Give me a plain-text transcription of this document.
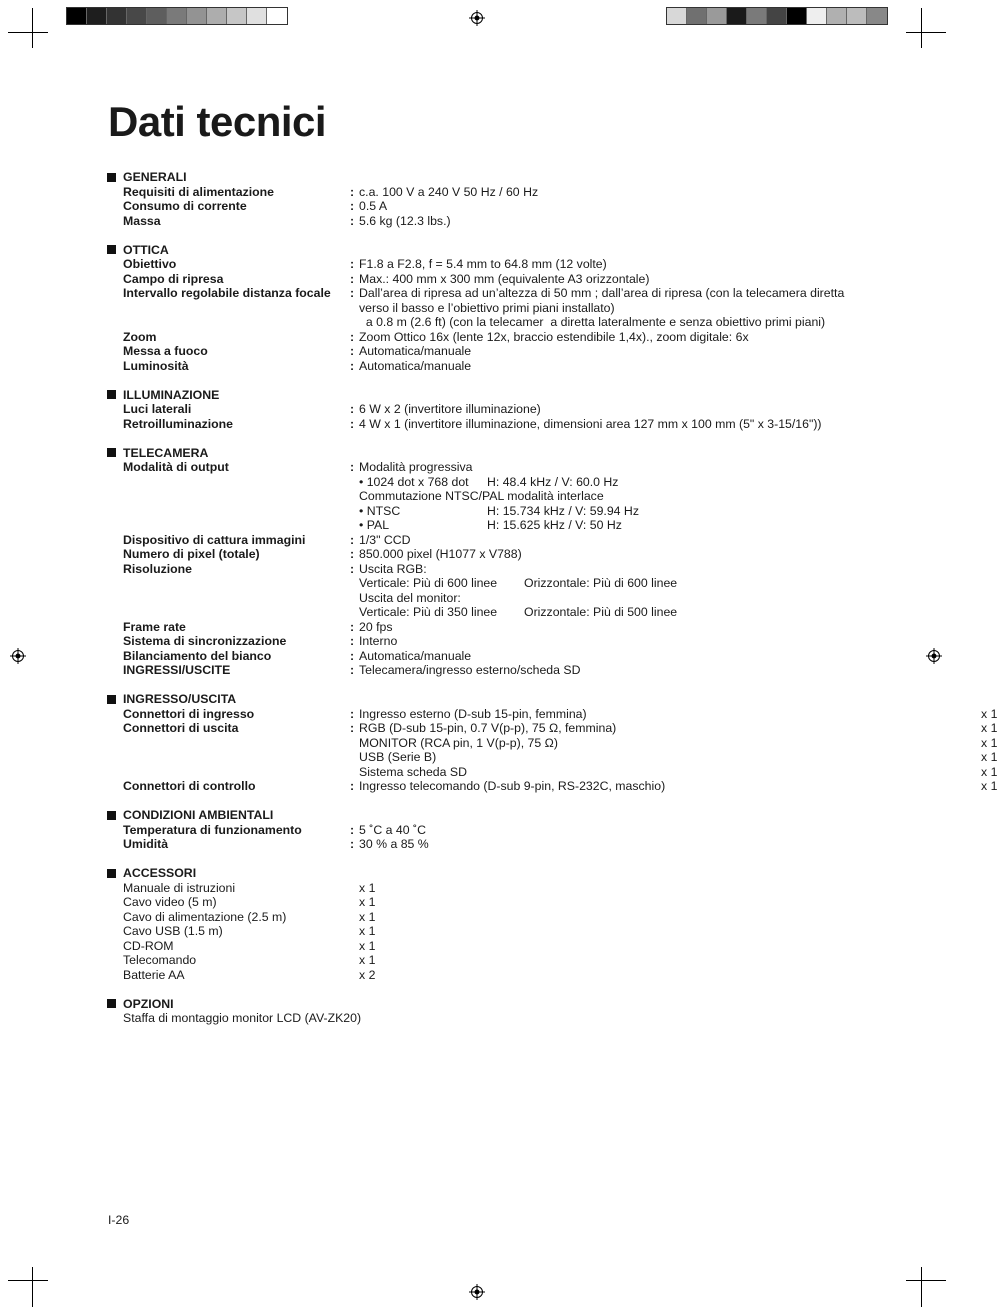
Dati tecnici
GENERALI
Requisiti di alimentazione	: c.a. 100 V a 240 V 50 Hz / 60 Hz
Consumo di corrente	: 0.5 A
Massa	: 5.6 kg (12.3 lbs.)
OTTICA
Obiettivo	: F1.8 a F2.8, f = 5.4 mm to 64.8 mm (12 volte)
Campo di ripresa	: Max.: 400 mm x 300 mm (equivalente A3 orizzontale)
Intervallo regolabile distanza focale	: Dall’area di ripresa ad un’altezza di 50 mm ; dall’area di ripresa (con la telecamera diretta
verso il basso e l’obiettivo primi piani installato)
a 0.8 m (2.6 ft) (con la telecamer  a diretta lateralmente e senza obiettivo primi piani)
Zoom	: Zoom Ottico 16x (lente 12x, braccio estendibile 1,4x)., zoom digitale: 6x
Messa a fuoco	: Automatica/manuale
Luminosità	: Automatica/manuale
ILLUMINAZIONE
Luci laterali	: 6 W x 2 (invertitore illuminazione)
Retroilluminazione	: 4 W x 1 (invertitore illuminazione, dimensioni area 127 mm x 100 mm (5" x 3-15/16"))
TELECAMERA
Modalità di output	: Modalità progressiva
• 1024 dot x 768 dot H: 48.4 kHz / V: 60.0 Hz
Commutazione NTSC/PAL modalità interlace
• NTSC	H: 15.734 kHz / V: 59.94 Hz
• PAL	H: 15.625 kHz / V: 50 Hz
Dispositivo di cattura immagini	: 1/3" CCD
Numero di pixel (totale)	: 850.000 pixel (H1077 x V788)
Risoluzione	: Uscita RGB:
Verticale: Più di 600 linee Orizzontale: Più di 600 linee
Uscita del monitor:
Verticale: Più di 350 linee Orizzontale: Più di 500 linee
Frame rate	: 20 fps
Sistema di sincronizzazione	: Interno
Bilanciamento del bianco	: Automatica/manuale
INGRESSI/USCITE	: Telecamera/ingresso esterno/scheda SD
INGRESSO/USCITA
Connettori di ingresso	: Ingresso esterno (D-sub 15-pin, femmina)	x 1
Connettori di uscita	: RGB (D-sub 15-pin, 0.7 V(p-p), 75 Ω, femmina)	x 1
MONITOR (RCA pin, 1 V(p-p), 75 Ω)	x 1
USB (Serie B)	x 1
Sistema scheda SD	x 1
Connettori di controllo	: Ingresso telecomando (D-sub 9-pin, RS-232C, maschio)	x 1
CONDIZIONI AMBIENTALI
Temperatura di funzionamento	: 5 ˚C a 40 ˚C
Umidità	: 30 % a 85 %
ACCESSORI
Manuale di istruzioni	x 1
Cavo video (5 m)	x 1
Cavo di alimentazione (2.5 m)	x 1
Cavo USB (1.5 m)	x 1
CD-ROM	x 1
Telecomando	x 1
Batterie AA	x 2
OPZIONI
Staffa di montaggio monitor LCD (AV-ZK20)
I-26
